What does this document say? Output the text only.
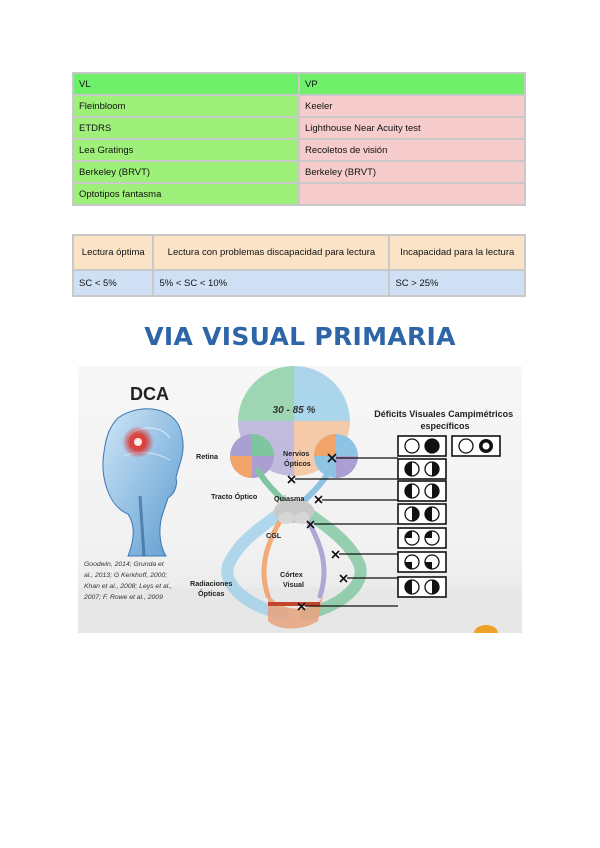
VL	VP
Fleinbloom	Keeler
ETDRS	Lighthouse Near Acuity test
Lea Gratings	Recoletos de visión
Berkeley (BRVT)	Berkeley (BRVT)
Optotipos fantasma	
Lectura óptima	Lectura con problemas discapacidad para lectura	Incapacidad para la lectura
SC < 5%	5% < SC < 10%	SC > 25%
VIA VISUAL PRIMARIA
DCA
Goodwin, 2014; Grunda et al., 2013; G Kerkhoff, 2000; Khan et al., 2008; Leys et al., 2007; F. Rowe et al., 2009
30 - 85 %
Retina	Nervios
Ópticos
Tracto Óptico Quiasma
CGL
Radiaciones
Ópticas
Córtex
Visual
Déficits Visuales Campimétricos específicos
